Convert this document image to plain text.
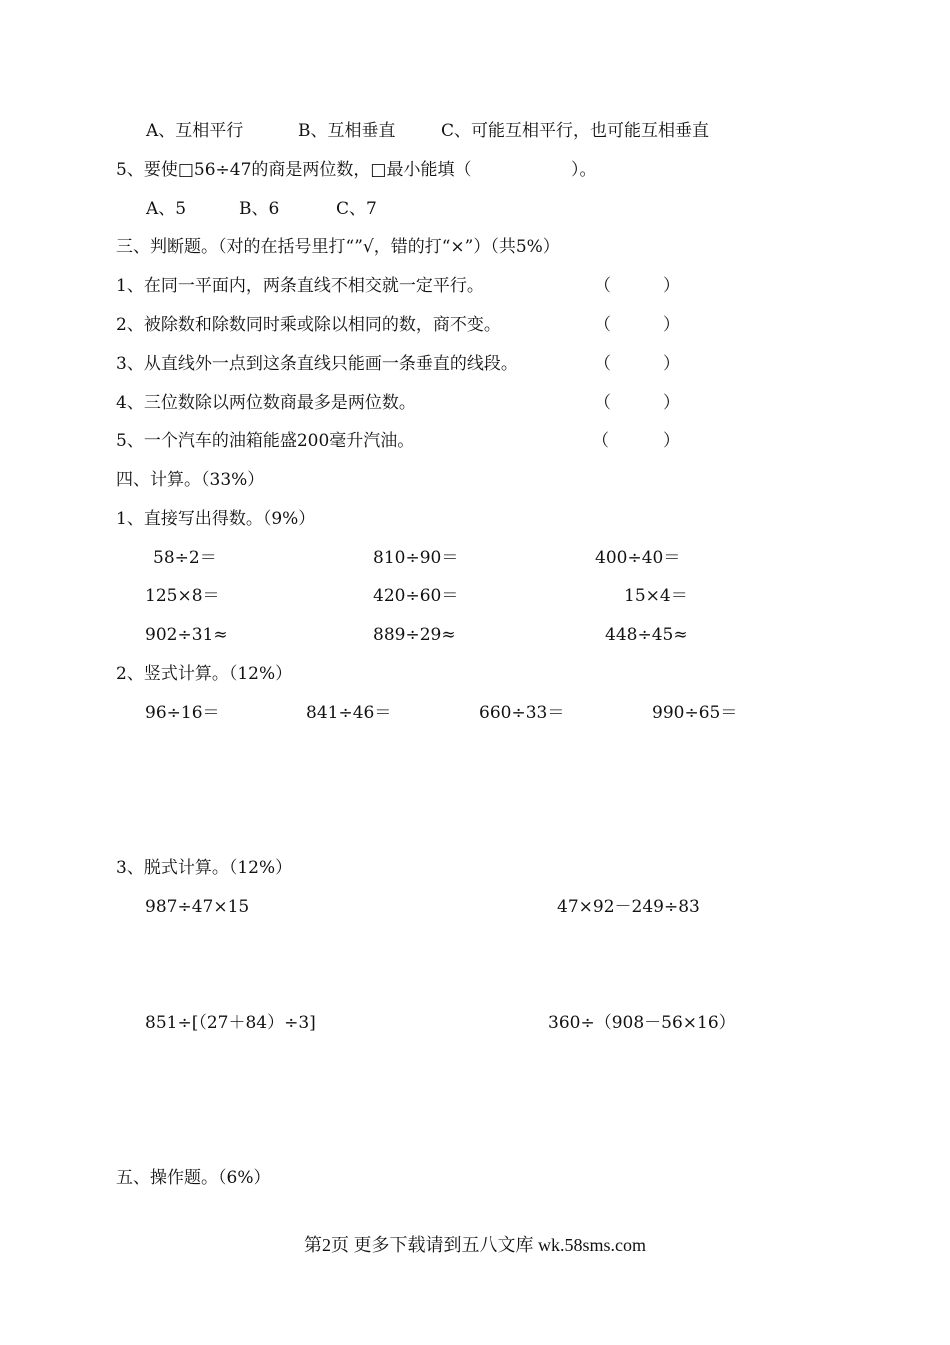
A、互相平行	B、互相垂直	C、可能互相平行，也可能互相垂直
5、要使□56÷47的商是两位数，□最小能填（	）。
A、5	B、6	C、7
三、判断题。（对的在括号里打“”√，错的打“×”）（共5%）
1、在同一平面内，两条直线不相交就一定平行。	（	）
2、被除数和除数同时乘或除以相同的数，商不变。	（	）
3、从直线外一点到这条直线只能画一条垂直的线段。	（	）
4、三位数除以两位数商最多是两位数。	（	）
5、一个汽车的油箱能盛200毫升汽油。	（	）
四、计算。（33%）
1、直接写出得数。（9%）
58÷2＝	810÷90＝	400÷40＝
125×8＝	420÷60＝	15×4＝
902÷31≈	889÷29≈	448÷45≈
2、竖式计算。（12%）
96÷16＝	841÷46＝	660÷33＝	990÷65＝
3、脱式计算。（12%）
987÷47×15	47×92－249÷83
851÷[（27＋84）÷3]	360÷（908－56×16）
五、操作题。（6%）
第2页 更多下载请到五八文库 wk.58sms.com
